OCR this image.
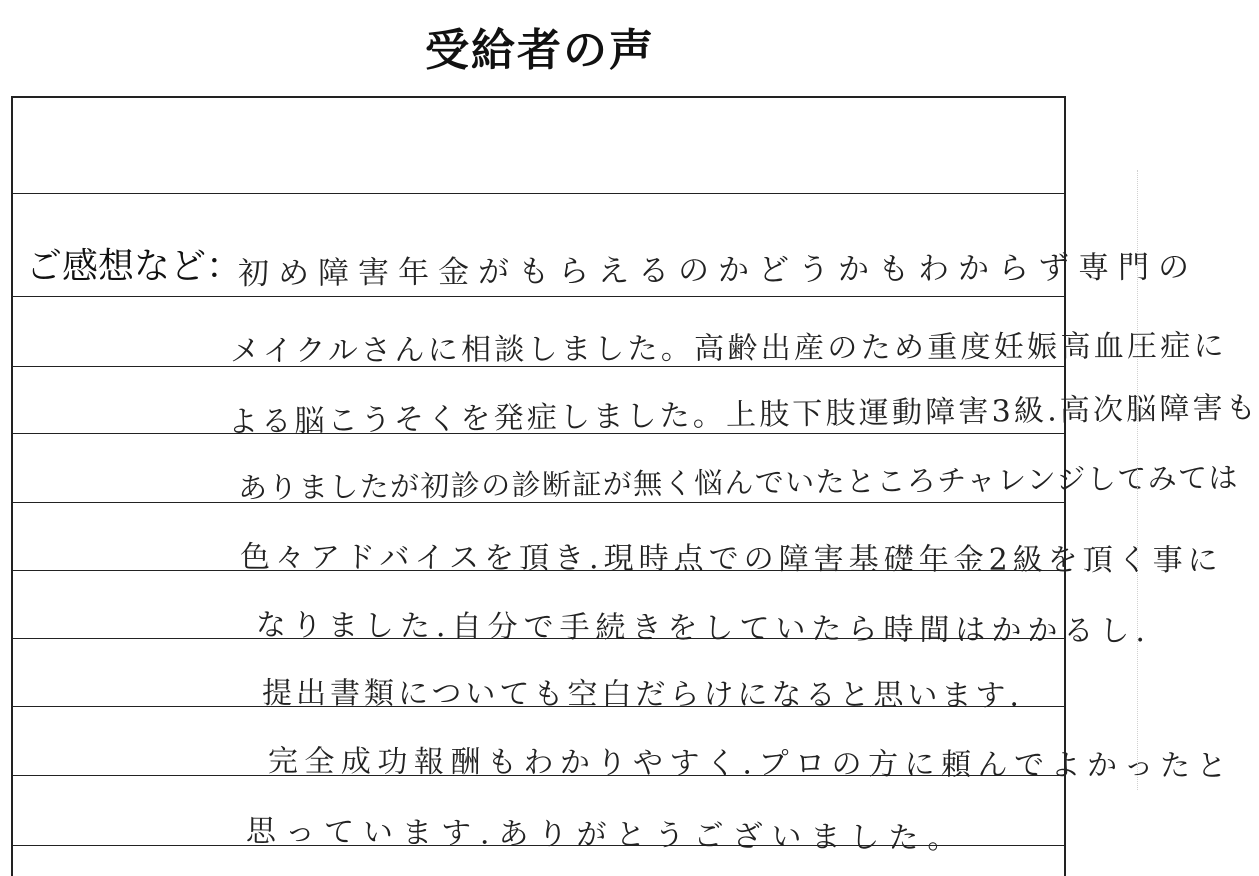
受給者の声
ご感想など：
初め障害年金がもらえるのかどうかもわからず専門の
メイクルさんに相談しました。高齢出産のため重度妊娠高血圧症に
よる脳こうそくを発症しました。上肢下肢運動障害3級.高次脳障害も
ありましたが初診の診断証が無く悩んでいたところチャレンジしてみては
色々アドバイスを頂き.現時点での障害基礎年金2級を頂く事に
なりました.自分で手続きをしていたら時間はかかるし.
提出書類についても空白だらけになると思います.
完全成功報酬もわかりやすく.プロの方に頼んでよかったと
思っています.ありがとうございました。
